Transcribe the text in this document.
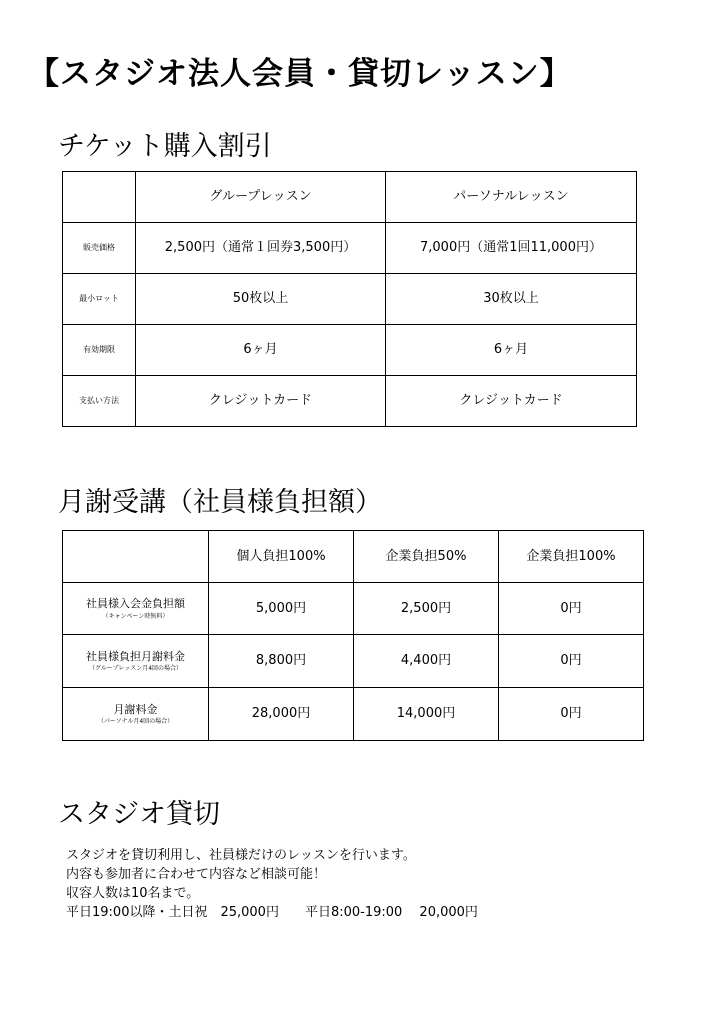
【スタジオ法人会員・貸切レッスン】
チケット購入割引
	グループレッスン	パーソナルレッスン
販売価格	2,500円（通常１回券3,500円）	7,000円（通常1回11,000円）
最小ロット	50枚以上	30枚以上
有効期限	6ヶ月	6ヶ月
支払い方法	クレジットカード	クレジットカード
月謝受講（社員様負担額）
	個人負担100%	企業負担50%	企業負担100%

社員様入会金負担額
（キャンペーン時無料）	5,000円	2,500円	0円

社員様負担月謝料金
（グループレッスン月4回の場合）	8,800円	4,400円	0円

月謝料金
（パーソナル月4回の場合）	28,000円	14,000円	0円
スタジオ貸切
スタジオを貸切利用し、社員様だけのレッスンを行います。
内容も参加者に合わせて内容など相談可能！
収容人数は10名まで。
平日19:00以降・土日祝　25,000円　　平日8:00-19:00　 20,000円
